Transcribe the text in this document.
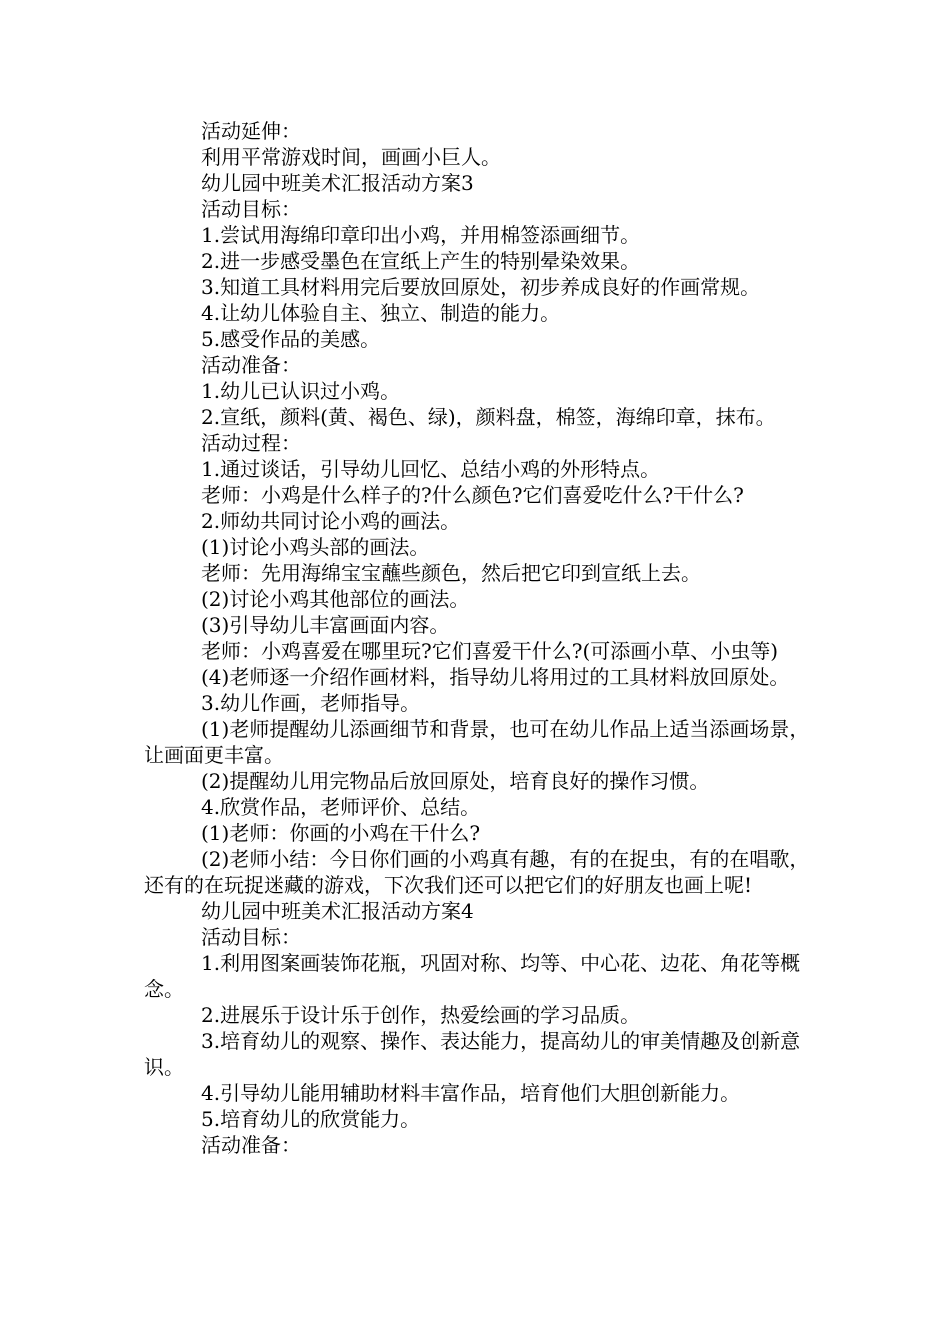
活动延伸：

利用平常游戏时间，画画小巨人。

幼儿园中班美术汇报活动方案3

活动目标：

1.尝试用海绵印章印出小鸡，并用棉签添画细节。

2.进一步感受墨色在宣纸上产生的特别晕染效果。

3.知道工具材料用完后要放回原处，初步养成良好的作画常规。

4.让幼儿体验自主、独立、制造的能力。

5.感受作品的美感。

活动准备：

1.幼儿已认识过小鸡。

2.宣纸，颜料(黄、褐色、绿)，颜料盘，棉签，海绵印章，抹布。

活动过程：

1.通过谈话，引导幼儿回忆、总结小鸡的外形特点。

老师：小鸡是什么样子的?什么颜色?它们喜爱吃什么?干什么?

2.师幼共同讨论小鸡的画法。

(1)讨论小鸡头部的画法。

老师：先用海绵宝宝蘸些颜色，然后把它印到宣纸上去。

(2)讨论小鸡其他部位的画法。

(3)引导幼儿丰富画面内容。

老师：小鸡喜爱在哪里玩?它们喜爱干什么?(可添画小草、小虫等)

(4)老师逐一介绍作画材料，指导幼儿将用过的工具材料放回原处。

3.幼儿作画，老师指导。

(1)老师提醒幼儿添画细节和背景，也可在幼儿作品上适当添画场景，让画面更丰富。

(2)提醒幼儿用完物品后放回原处，培育良好的操作习惯。

4.欣赏作品，老师评价、总结。

(1)老师：你画的小鸡在干什么?

(2)老师小结：今日你们画的小鸡真有趣，有的在捉虫，有的在唱歌，还有的在玩捉迷藏的游戏，下次我们还可以把它们的好朋友也画上呢!

幼儿园中班美术汇报活动方案4

活动目标：

1.利用图案画装饰花瓶，巩固对称、均等、中心花、边花、角花等概念。

2.进展乐于设计乐于创作，热爱绘画的学习品质。

3.培育幼儿的观察、操作、表达能力，提高幼儿的审美情趣及创新意识。

4.引导幼儿能用辅助材料丰富作品，培育他们大胆创新能力。

5.培育幼儿的欣赏能力。

活动准备：
